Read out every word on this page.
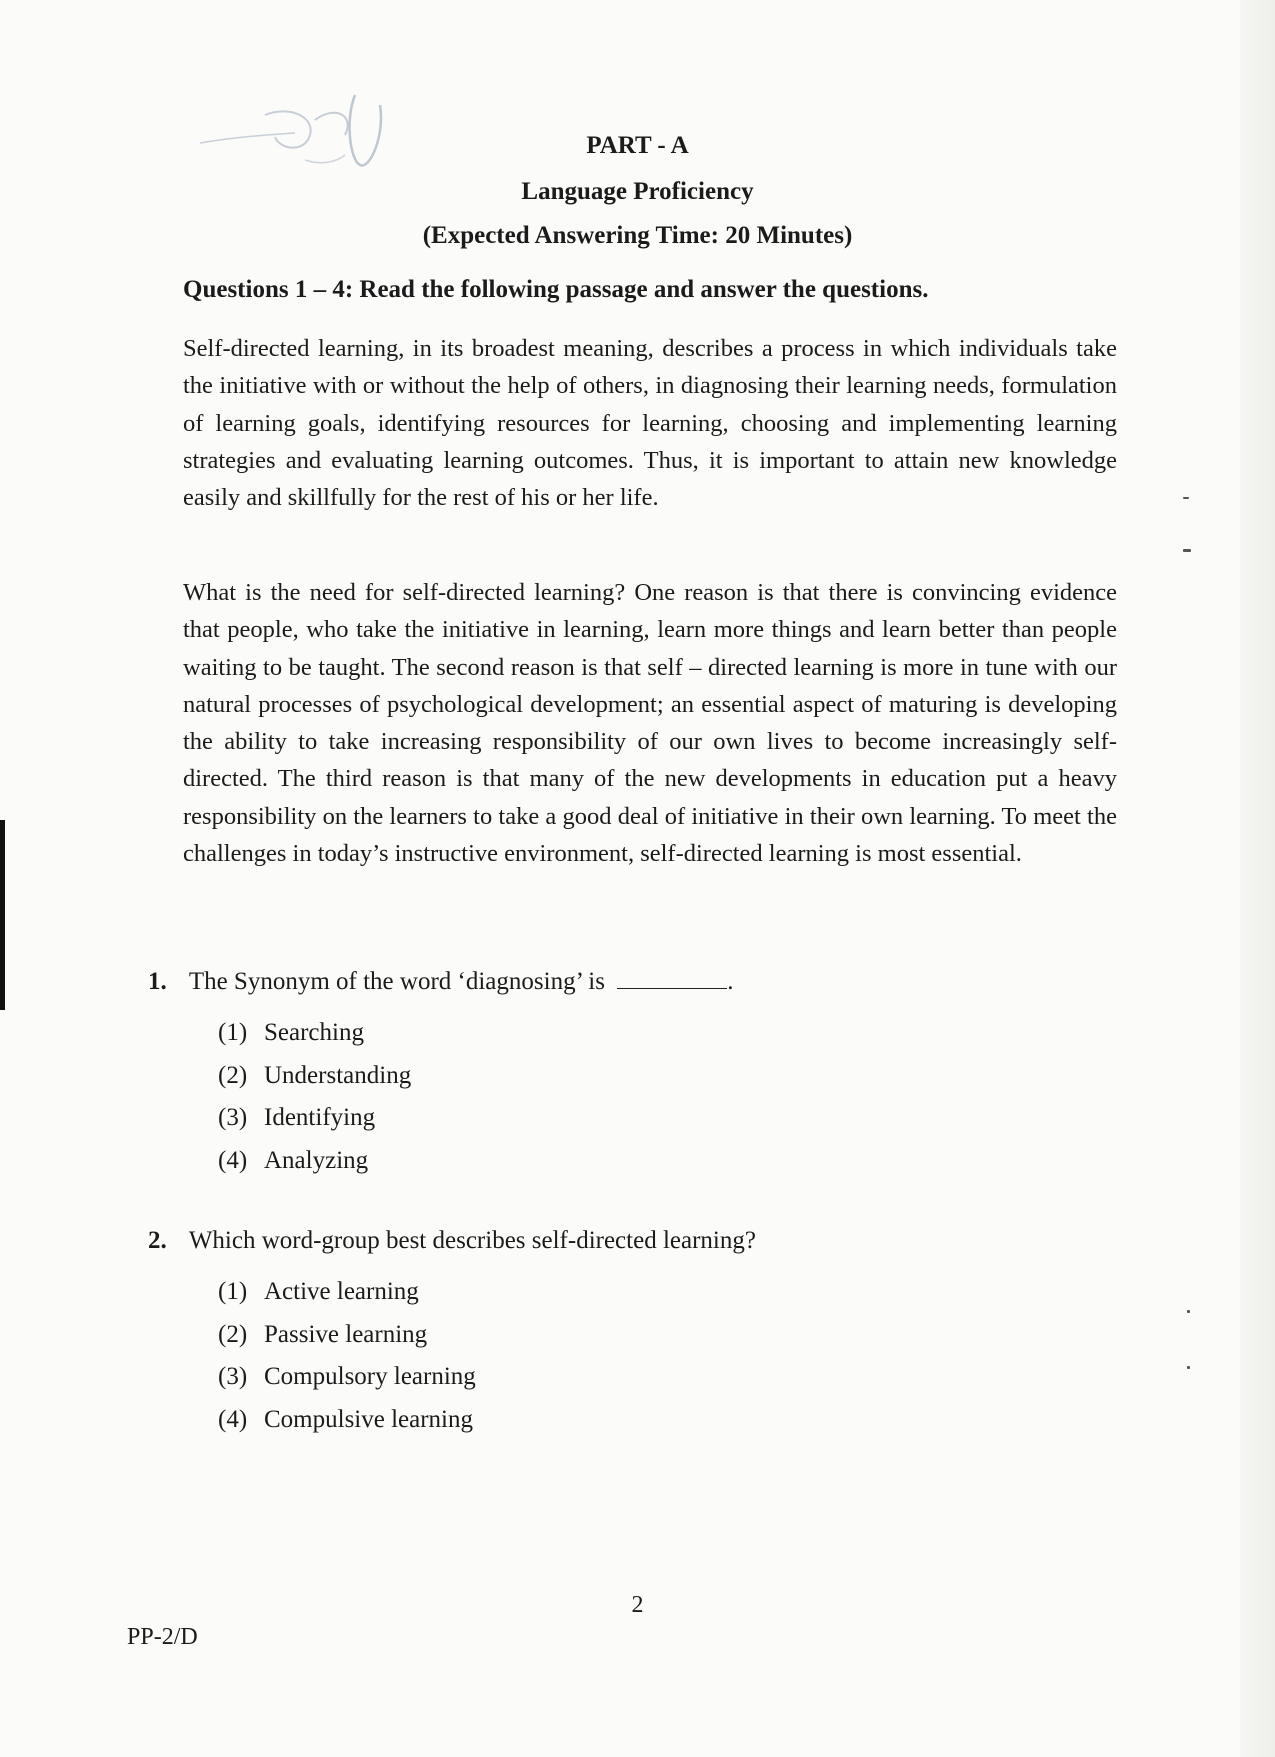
PART - A
Language Proficiency
(Expected Answering Time: 20 Minutes)
Questions 1 – 4: Read the following passage and answer the questions.
Self-directed learning, in its broadest meaning, describes a process in which individuals take the initiative with or without the help of others, in diagnosing their learning needs, formulation of learning goals, identifying resources for learning, choosing and implementing learning strategies and evaluating learning outcomes. Thus, it is important to attain new knowledge easily and skillfully for the rest of his or her life.
What is the need for self-directed learning? One reason is that there is convincing evidence that people, who take the initiative in learning, learn more things and learn better than people waiting to be taught. The second reason is that self – directed learning is more in tune with our natural processes of psychological development; an essential aspect of maturing is developing the ability to take increasing responsibility of our own lives to become increasingly self-directed. The third reason is that many of the new developments in education put a heavy responsibility on the learners to take a good deal of initiative in their own learning. To meet the challenges in today’s instructive environment, self-directed learning is most essential.
1. The Synonym of the word ‘diagnosing’ is	.
(1) Searching
(2) Understanding
(3) Identifying
(4) Analyzing
2. Which word-group best describes self-directed learning?
(1) Active learning
(2) Passive learning
(3) Compulsory learning
(4) Compulsive learning
2
PP-2/D
